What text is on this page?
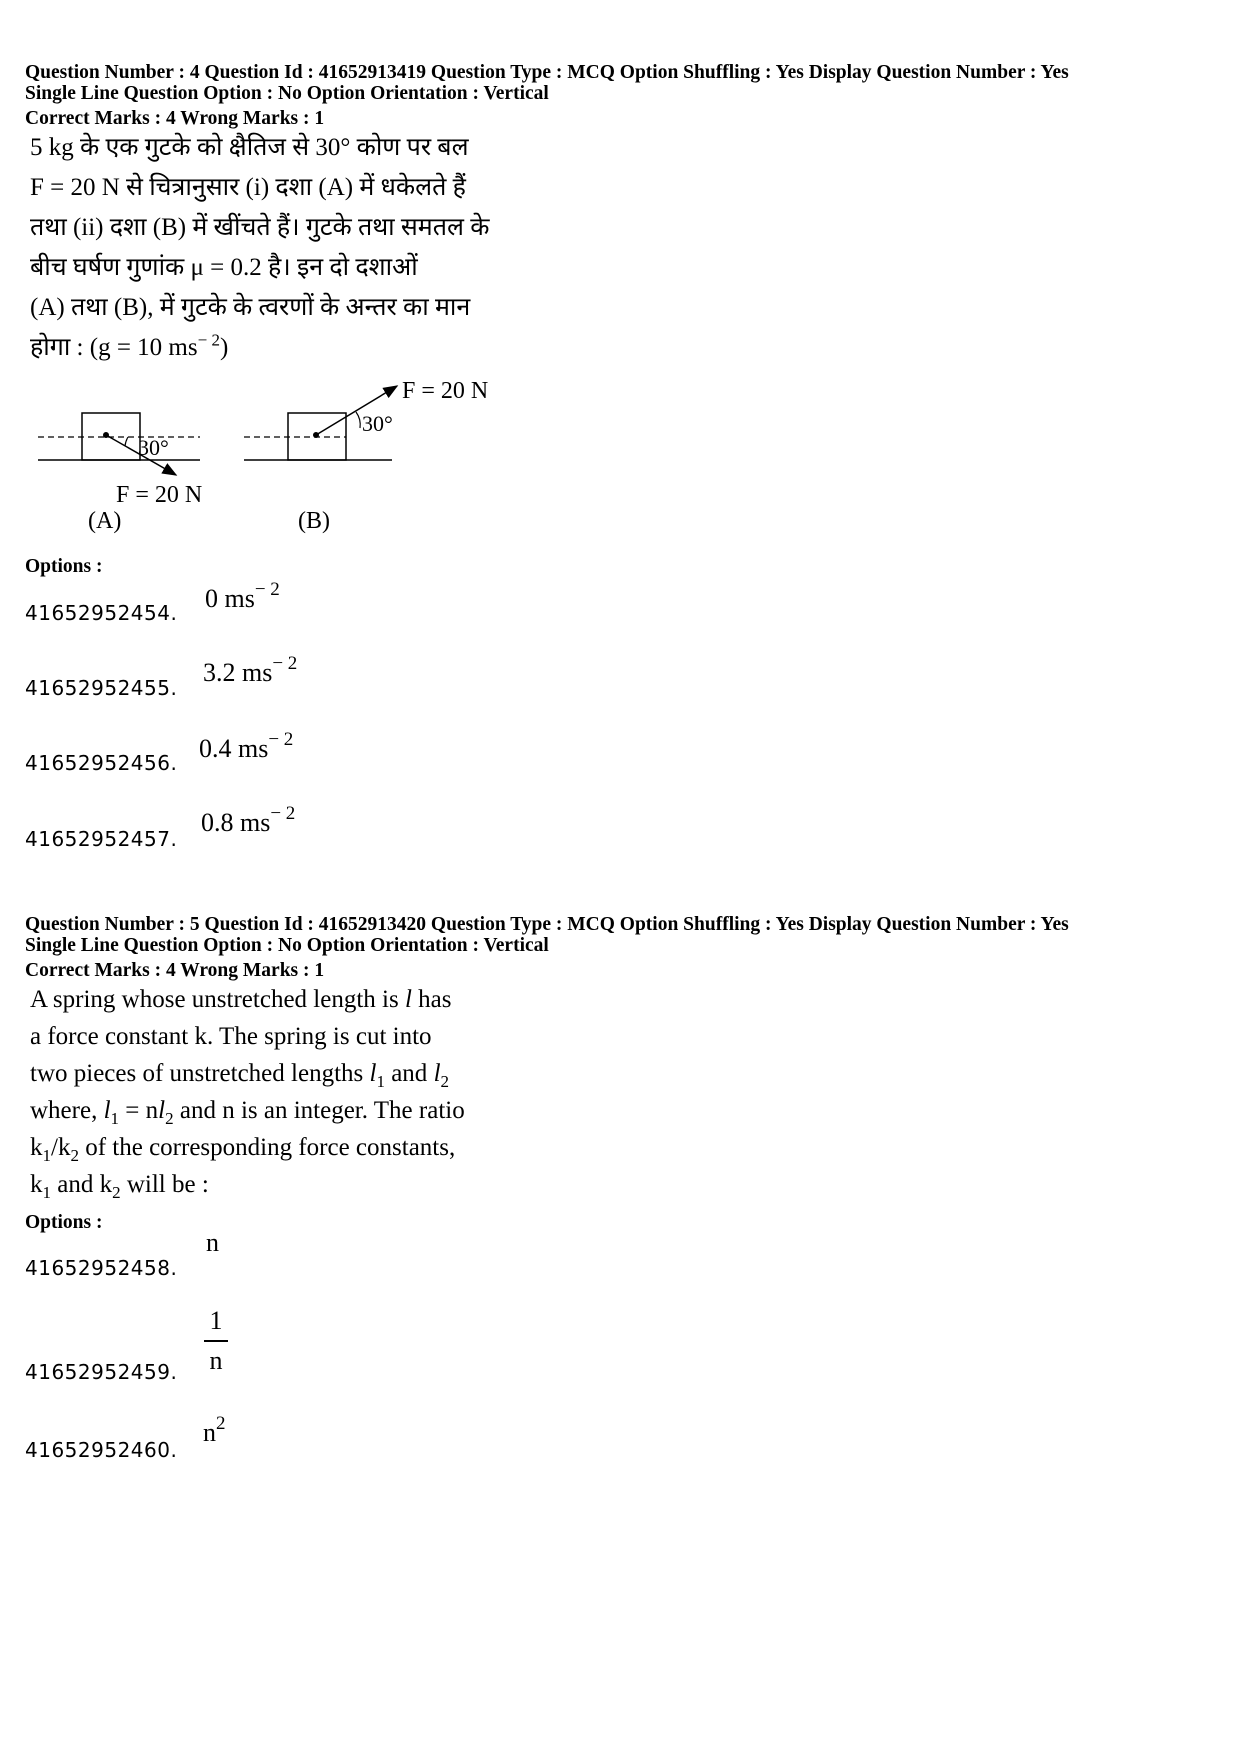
Question Number : 4 Question Id : 41652913419 Question Type : MCQ Option Shuffling : Yes Display Question Number : Yes
Single Line Question Option : No Option Orientation : Vertical
Correct Marks : 4 Wrong Marks : 1
5 kg के एक गुटके को क्षैतिज से 30° कोण पर बल
F = 20 N से चित्रानुसार (i) दशा (A) में धकेलते हैं
तथा (ii) दशा (B) में खींचते हैं। गुटके तथा समतल के
बीच घर्षण गुणांक μ = 0.2 है। इन दो दशाओं
(A) तथा (B), में गुटके के त्वरणों के अन्तर का मान
होगा : (g = 10 $ms^{- 2}$)
30°
F = 20 N
(A)
30°
F = 20 N
(B)
Options :
41652952454. 0 $ms^{- 2}$
41652952455.
3.2 $ms^{- 2}$
41652952456. 0.4 $ms^{- 2}$
41652952457.
0.8 $ms^{- 2}$
Question Number : 5 Question Id : 41652913420 Question Type : MCQ Option Shuffling : Yes Display Question Number : Yes
Single Line Question Option : No Option Orientation : Vertical
Correct Marks : 4 Wrong Marks : 1
A spring whose unstretched length is l has
a force constant k. The spring is cut into
two pieces of unstretched lengths $l_1$ and $l_2$
where, $l_1 = nl_2$ and n is an integer. The ratio
$k_1/k_2$ of the corresponding force constants,
$k_1$ and $k_2$ will be :
Options :
41652952458.
n
41652952459.
1
n
41652952460.
$n^2$
